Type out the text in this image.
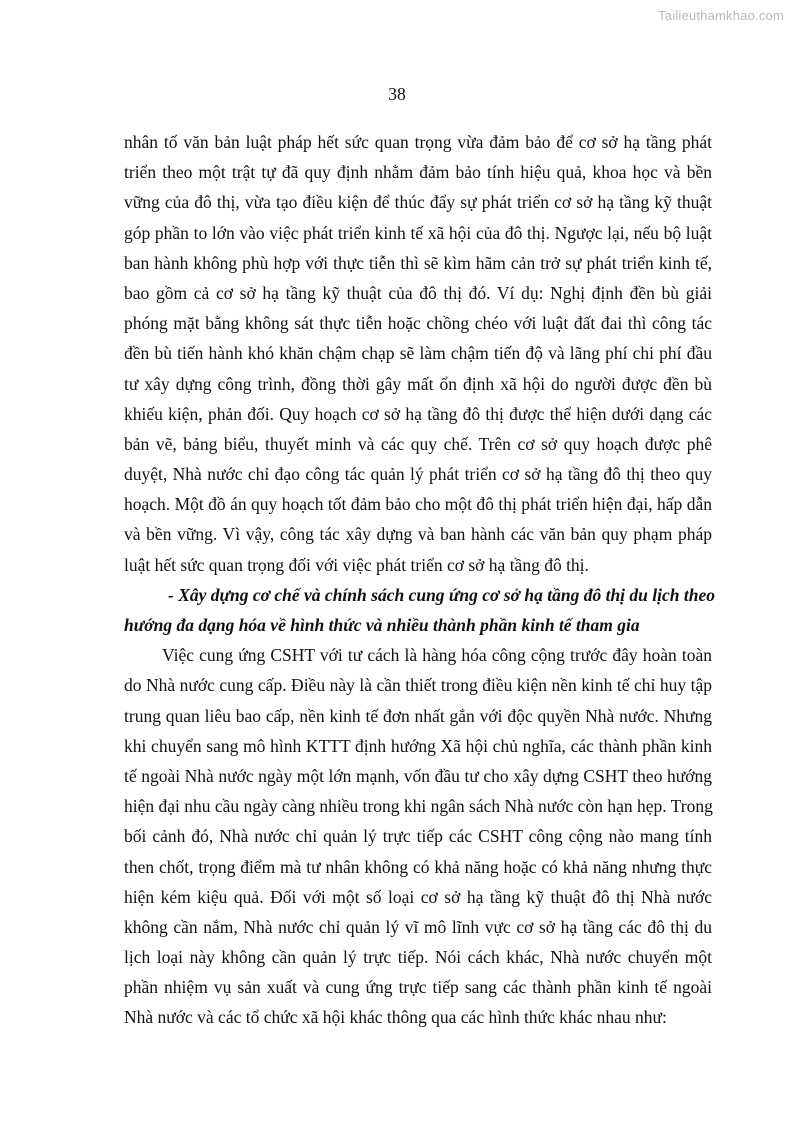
Tailieuthamkhao.com
38
nhân tố văn bản luật pháp hết sức quan trọng vừa đảm bảo để cơ sở hạ tầng phát
triển theo một trật tự đã quy định nhằm đảm bảo tính hiệu quả, khoa học và bền
vững của đô thị, vừa tạo điều kiện để thúc đẩy sự phát triển cơ sở hạ tầng kỹ thuật
góp phần to lớn vào việc phát triển kinh tế xã hội của đô thị. Ngược lại, nếu bộ luật
ban hành không phù hợp với thực tiễn thì sẽ kìm hãm cản trở sự phát triển kinh tế,
bao gồm cả cơ sở hạ tầng kỹ thuật của đô thị đó. Ví dụ: Nghị định đền bù giải
phóng mặt bằng không sát thực tiễn hoặc chồng chéo với luật đất đai thì công tác
đền bù tiến hành khó khăn chậm chạp sẽ làm chậm tiến độ và lãng phí chi phí đầu
tư xây dựng công trình, đồng thời gây mất ổn định xã hội do người được đền bù
khiếu kiện, phản đối. Quy hoạch cơ sở hạ tầng đô thị được thể hiện dưới dạng các
bản vẽ, bảng biểu, thuyết minh và các quy chế. Trên cơ sở quy hoạch được phê
duyệt, Nhà nước chỉ đạo công tác quản lý phát triển cơ sở hạ tầng đô thị theo quy
hoạch. Một đồ án quy hoạch tốt đảm bảo cho một đô thị phát triển hiện đại, hấp dẫn
và bền vững. Vì vậy, công tác xây dựng và ban hành các văn bản quy phạm pháp
luật hết sức quan trọng đối với việc phát triển cơ sở hạ tầng đô thị.
- Xây dựng cơ chế và chính sách cung ứng cơ sở hạ tầng đô thị du lịch theo
hướng đa dạng hóa về hình thức và nhiều thành phần kinh tế tham gia
Việc cung ứng CSHT với tư cách là hàng hóa công cộng trước đây hoàn toàn
do Nhà nước cung cấp. Điều này là cần thiết trong điều kiện nền kinh tế chỉ huy tập
trung quan liêu bao cấp, nền kinh tế đơn nhất gắn với độc quyền Nhà nước. Nhưng
khi chuyển sang mô hình KTTT định hướng Xã hội chủ nghĩa, các thành phần kinh
tế ngoài Nhà nước ngày một lớn mạnh, vốn đầu tư cho xây dựng CSHT theo hướng
hiện đại nhu cầu ngày càng nhiều trong khi ngân sách Nhà nước còn hạn hẹp. Trong
bối cảnh đó, Nhà nước chỉ quản lý trực tiếp các CSHT công cộng nào mang tính
then chốt, trọng điểm mà tư nhân không có khả năng hoặc có khả năng nhưng thực
hiện kém kiệu quả. Đối với một số loại cơ sở hạ tầng kỹ thuật đô thị Nhà nước
không cần nắm, Nhà nước chỉ quản lý vĩ mô lĩnh vực cơ sở hạ tầng các đô thị du
lịch loại này không cần quản lý trực tiếp. Nói cách khác, Nhà nước chuyển một
phần nhiệm vụ sản xuất và cung ứng trực tiếp sang các thành phần kinh tế ngoài
Nhà nước và các tổ chức xã hội khác thông qua các hình thức khác nhau như:
